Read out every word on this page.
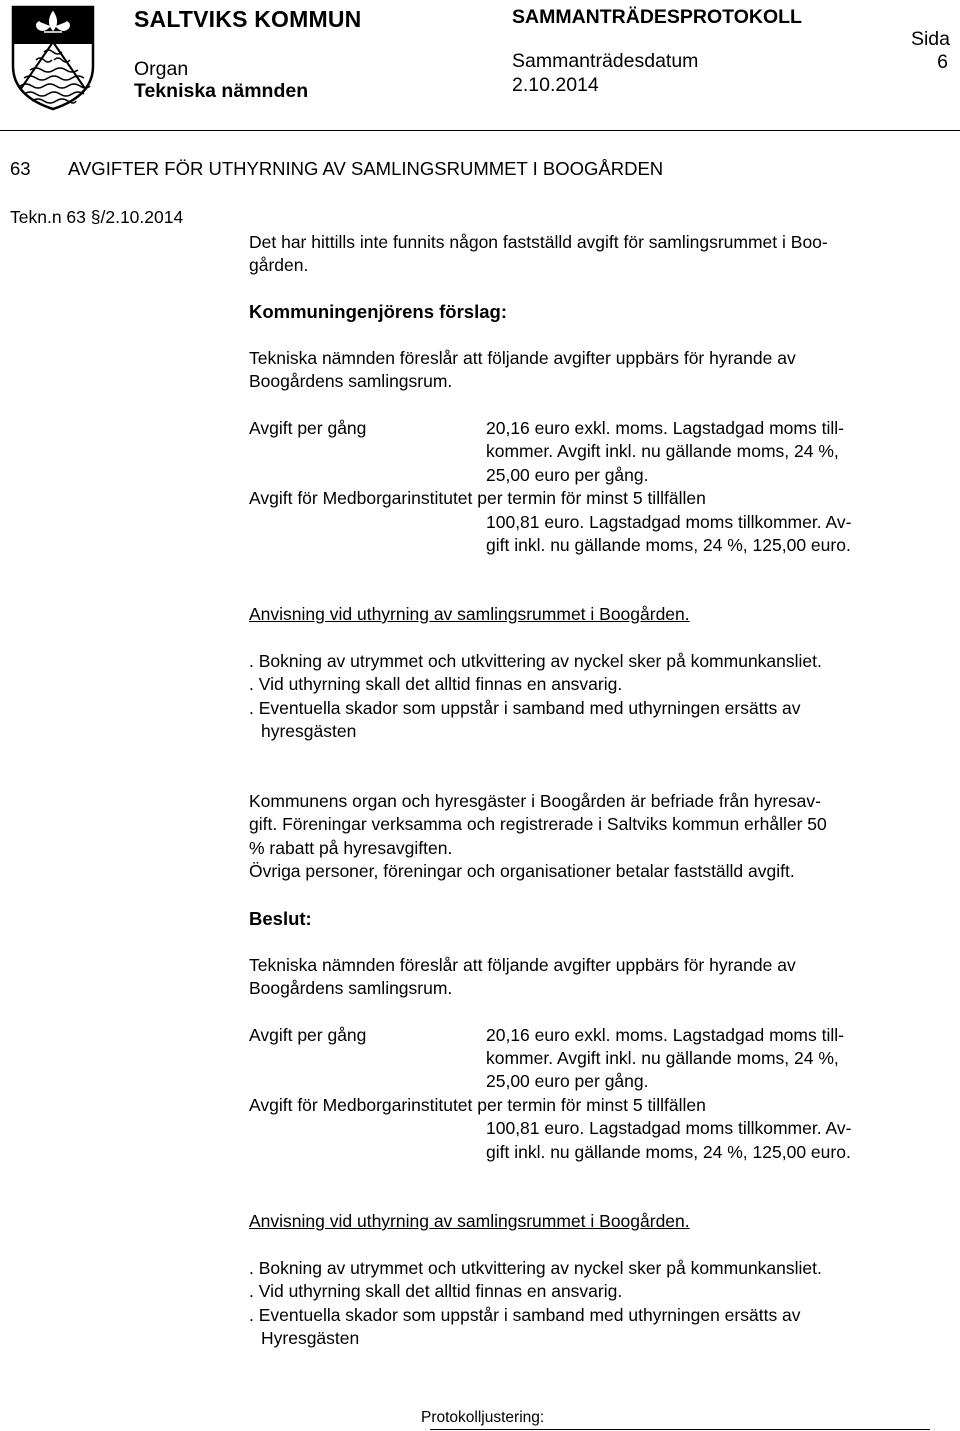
SALTVIKS KOMMUN
Organ
Tekniska nämnden
SAMMANTRÄDESPROTOKOLL
Sammanträdesdatum
2.10.2014
Sida
6
63 AVGIFTER FÖR UTHYRNING AV SAMLINGSRUMMET I BOOGÅRDEN
Tekn.n 63 §/2.10.2014
Det har hittills inte funnits någon fastställd avgift för samlingsrummet i Boo-
gården.
Kommuningenjörens förslag:
Tekniska nämnden föreslår att följande avgifter uppbärs för hyrande av
Boogårdens samlingsrum.
Avgift per gång	20,16 euro exkl. moms. Lagstadgad moms till-
kommer. Avgift inkl. nu gällande moms, 24 %,
25,00 euro per gång.
Avgift för Medborgarinstitutet per termin för minst 5 tillfällen
100,81 euro. Lagstadgad moms tillkommer. Av-
gift inkl. nu gällande moms, 24 %, 125,00 euro.
Anvisning vid uthyrning av samlingsrummet i Boogården.
. Bokning av utrymmet och utkvittering av nyckel sker på kommunkansliet.
. Vid uthyrning skall det alltid finnas en ansvarig.
. Eventuella skador som uppstår i samband med uthyrningen ersätts av
hyresgästen
Kommunens organ och hyresgäster i Boogården är befriade från hyresav-
gift. Föreningar verksamma och registrerade i Saltviks kommun erhåller 50
% rabatt på hyresavgiften.
Övriga personer, föreningar och organisationer betalar fastställd avgift.
Beslut:
Tekniska nämnden föreslår att följande avgifter uppbärs för hyrande av
Boogårdens samlingsrum.
Avgift per gång	20,16 euro exkl. moms. Lagstadgad moms till-
kommer. Avgift inkl. nu gällande moms, 24 %,
25,00 euro per gång.
Avgift för Medborgarinstitutet per termin för minst 5 tillfällen
100,81 euro. Lagstadgad moms tillkommer. Av-
gift inkl. nu gällande moms, 24 %, 125,00 euro.
Anvisning vid uthyrning av samlingsrummet i Boogården.
. Bokning av utrymmet och utkvittering av nyckel sker på kommunkansliet.
. Vid uthyrning skall det alltid finnas en ansvarig.
. Eventuella skador som uppstår i samband med uthyrningen ersätts av
Hyresgästen
Protokolljustering:
